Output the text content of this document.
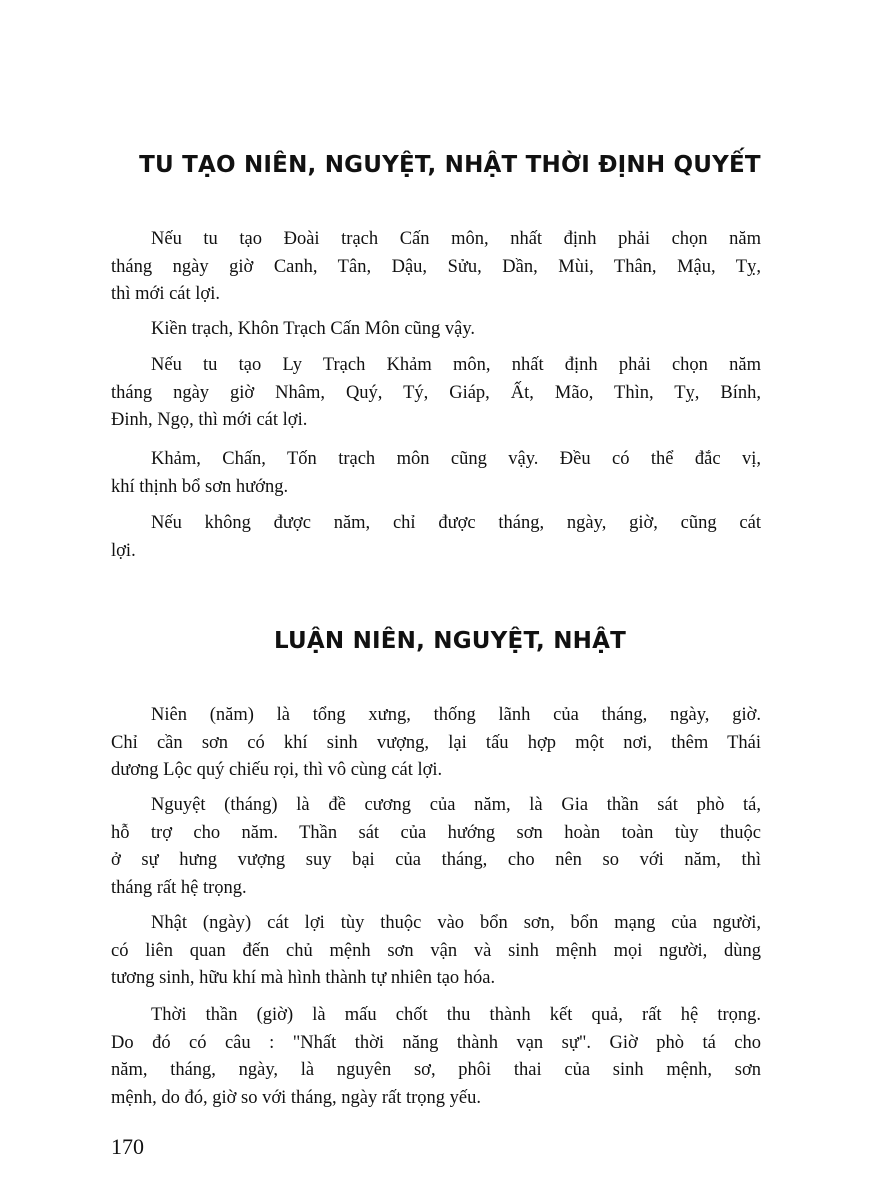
TU TẠO NIÊN, NGUYỆT, NHẬT THỜI ĐỊNH QUYẾT
Nếu tu tạo Đoài trạch Cấn môn, nhất định phải chọn năm
tháng ngày giờ Canh, Tân, Dậu, Sửu, Dần, Mùi, Thân, Mậu, Tỵ,
thì mới cát lợi.
Kiền trạch, Khôn Trạch Cấn Môn cũng vậy.
Nếu tu tạo Ly Trạch Khảm môn, nhất định phải chọn năm
tháng ngày giờ Nhâm, Quý, Tý, Giáp, Ất, Mão, Thìn, Tỵ, Bính,
Đinh, Ngọ, thì mới cát lợi.
Khảm, Chấn, Tốn trạch môn cũng vậy. Đều có thể đắc vị,
khí thịnh bổ sơn hướng.
Nếu không được năm, chỉ được tháng, ngày, giờ, cũng cát
lợi.
LUẬN NIÊN, NGUYỆT, NHẬT
Niên (năm) là tổng xưng, thống lãnh của tháng, ngày, giờ.
Chỉ cần sơn có khí sinh vượng, lại tấu hợp một nơi, thêm Thái
dương Lộc quý chiếu rọi, thì vô cùng cát lợi.
Nguyệt (tháng) là đề cương của năm, là Gia thần sát phò tá,
hỗ trợ cho năm. Thần sát của hướng sơn hoàn toàn tùy thuộc
ở sự hưng vượng suy bại của tháng, cho nên so với năm, thì
tháng rất hệ trọng.
Nhật (ngày) cát lợi tùy thuộc vào bổn sơn, bổn mạng của người,
có liên quan đến chủ mệnh sơn vận và sinh mệnh mọi người, dùng
tương sinh, hữu khí mà hình thành tự nhiên tạo hóa.
Thời thần (giờ) là mấu chốt thu thành kết quả, rất hệ trọng.
Do đó có câu : "Nhất thời năng thành vạn sự". Giờ phò tá cho
năm, tháng, ngày, là nguyên sơ, phôi thai của sinh mệnh, sơn
mệnh, do đó, giờ so với tháng, ngày rất trọng yếu.
170
